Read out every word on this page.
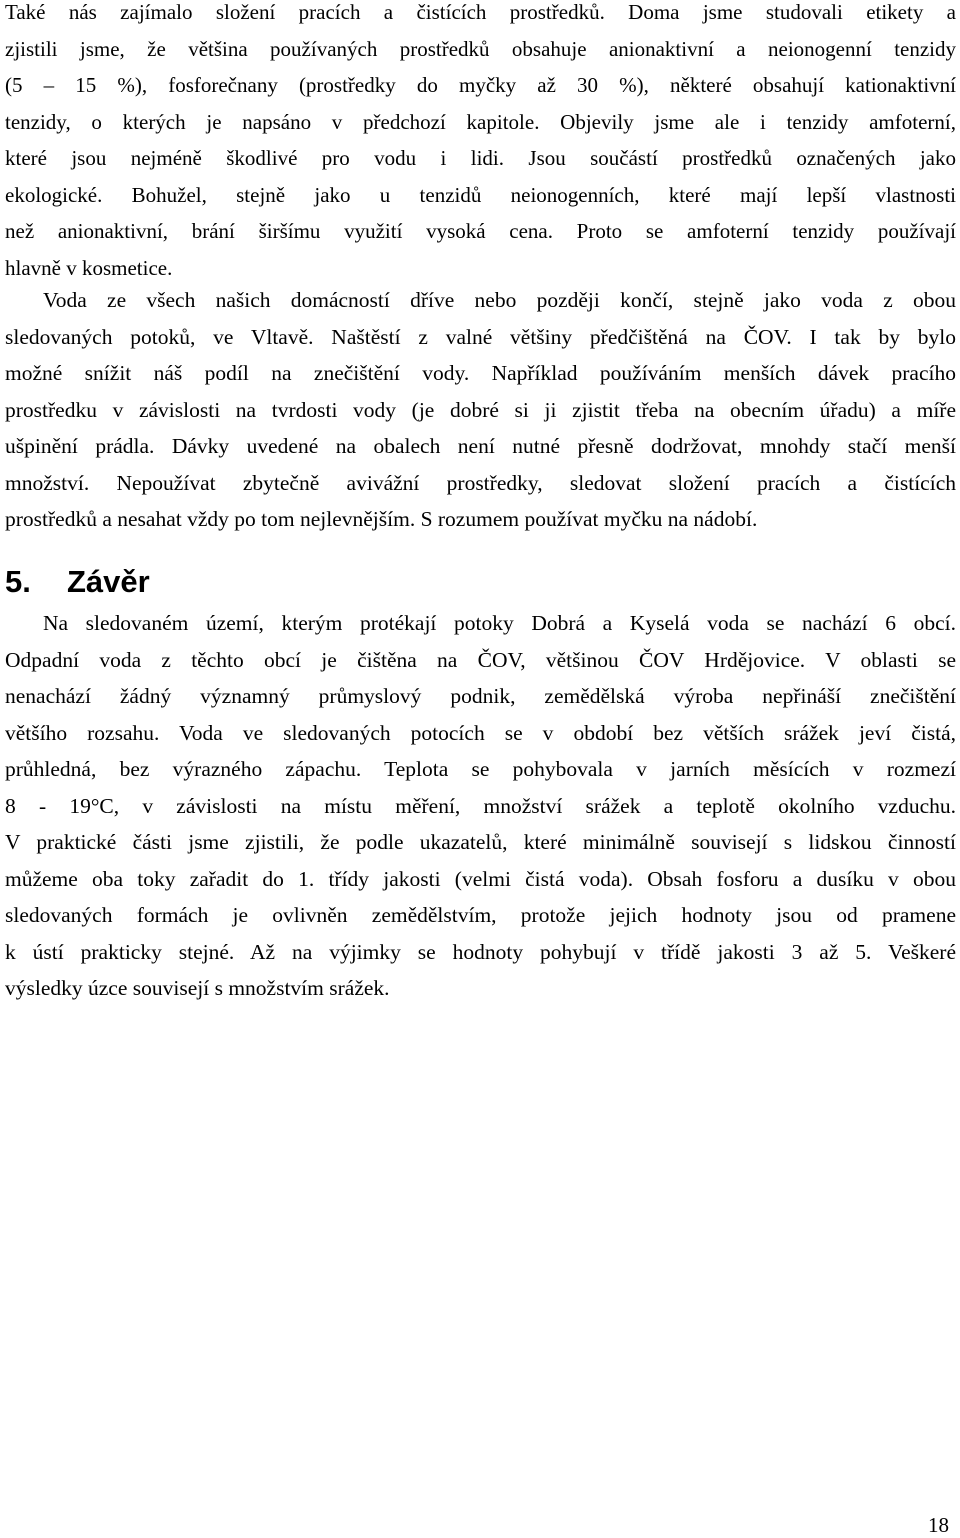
Také nás zajímalo složení pracích a čistících prostředků. Doma jsme studovali etikety a
zjistili jsme, že většina používaných prostředků obsahuje anionaktivní a neionogenní tenzidy
(5 – 15 %), fosforečnany (prostředky do myčky až 30 %), některé obsahují kationaktivní
tenzidy, o kterých je napsáno v předchozí kapitole. Objevily jsme ale i tenzidy amfoterní,
které jsou nejméně škodlivé pro vodu i lidi. Jsou součástí prostředků označených jako
ekologické. Bohužel, stejně jako u tenzidů neionogenních, které mají lepší vlastnosti
než anionaktivní, brání širšímu využití vysoká cena. Proto se amfoterní tenzidy používají
hlavně v kosmetice.
Voda ze všech našich domácností dříve nebo později končí, stejně jako voda z obou
sledovaných potoků, ve Vltavě. Naštěstí z valné většiny předčištěná na ČOV. I tak by bylo
možné snížit náš podíl na znečištění vody. Například používáním menších dávek pracího
prostředku v závislosti na tvrdosti vody (je dobré si ji zjistit třeba na obecním úřadu) a míře
ušpinění prádla. Dávky uvedené na obalech není nutné přesně dodržovat, mnohdy stačí menší
množství. Nepoužívat zbytečně avivážní prostředky, sledovat složení pracích a čistících
prostředků a nesahat vždy po tom nejlevnějším. S rozumem používat myčku na nádobí.
5. Závěr
Na sledovaném území, kterým protékají potoky Dobrá a Kyselá voda se nachází 6 obcí.
Odpadní voda z těchto obcí je čištěna na ČOV, většinou ČOV Hrdějovice. V oblasti se
nenachází žádný významný průmyslový podnik, zemědělská výroba nepřináší znečištění
většího rozsahu. Voda ve sledovaných potocích se v období bez větších srážek jeví čistá,
průhledná, bez výrazného zápachu. Teplota se pohybovala v jarních měsících v rozmezí
8 - 19°C, v závislosti na místu měření, množství srážek a teplotě okolního vzduchu.
V praktické části jsme zjistili, že podle ukazatelů, které minimálně souvisejí s lidskou činností
můžeme oba toky zařadit do 1. třídy jakosti (velmi čistá voda). Obsah fosforu a dusíku v obou
sledovaných formách je ovlivněn zemědělstvím, protože jejich hodnoty jsou od pramene
k ústí prakticky stejné. Až na výjimky se hodnoty pohybují v třídě jakosti 3 až 5. Veškeré
výsledky úzce souvisejí s množstvím srážek.
18
